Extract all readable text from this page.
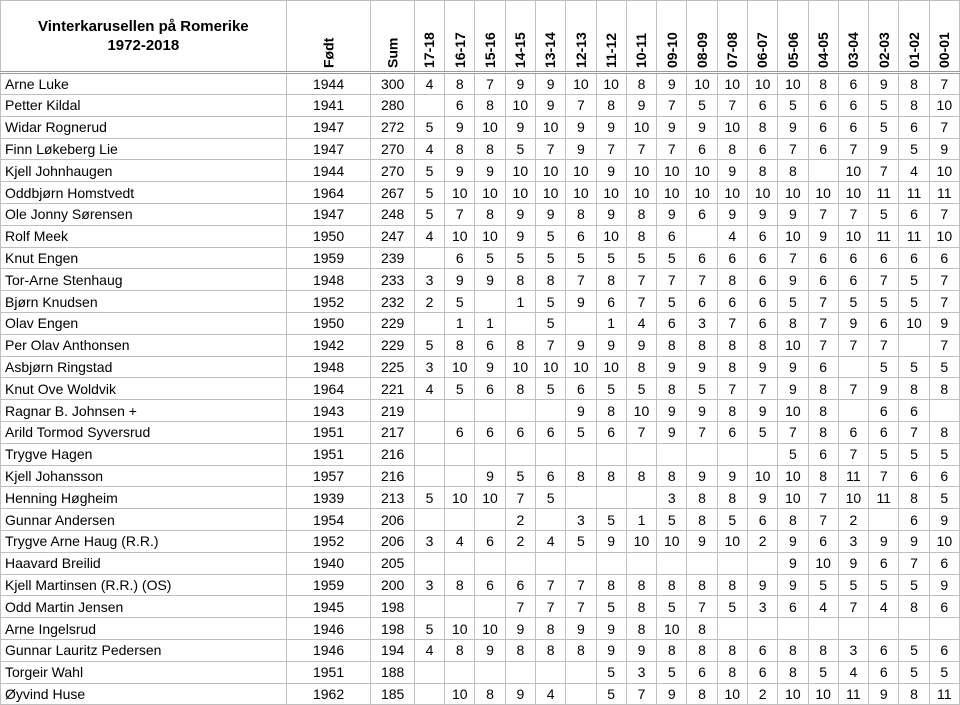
Vinterkarusellen på Romerike
1972-2018	Født	Sum	17-18	16-17	15-16	14-15	13-14	12-13	11-12	10-11	09-10	08-09	07-08	06-07	05-06	04-05	03-04	02-03	01-02	00-01
Arne Luke	1944	300	4	8	7	9	9	10	10	8	9	10	10	10	10	8	6	9	8	7
Petter Kildal	1941	280		6	8	10	9	7	8	9	7	5	7	6	5	6	6	5	8	10
Widar Rognerud	1947	272	5	9	10	9	10	9	9	10	9	9	10	8	9	6	6	5	6	7
Finn Løkeberg Lie	1947	270	4	8	8	5	7	9	7	7	7	6	8	6	7	6	7	9	5	9
Kjell Johnhaugen	1944	270	5	9	9	10	10	10	9	10	10	10	9	8	8		10	7	4	10
Oddbjørn Homstvedt	1964	267	5	10	10	10	10	10	10	10	10	10	10	10	10	10	10	11	11	11
Ole Jonny Sørensen	1947	248	5	7	8	9	9	8	9	8	9	6	9	9	9	7	7	5	6	7
Rolf Meek	1950	247	4	10	10	9	5	6	10	8	6		4	6	10	9	10	11	11	10
Knut Engen	1959	239		6	5	5	5	5	5	5	5	6	6	6	7	6	6	6	6	6
Tor-Arne Stenhaug	1948	233	3	9	9	8	8	7	8	7	7	7	8	6	9	6	6	7	5	7
Bjørn Knudsen	1952	232	2	5		1	5	9	6	7	5	6	6	6	5	7	5	5	5	7
Olav Engen	1950	229		1	1		5		1	4	6	3	7	6	8	7	9	6	10	9
Per Olav Anthonsen	1942	229	5	8	6	8	7	9	9	9	8	8	8	8	10	7	7	7		7
Asbjørn Ringstad	1948	225	3	10	9	10	10	10	10	8	9	9	8	9	9	6		5	5	5
Knut Ove Woldvik	1964	221	4	5	6	8	5	6	5	5	8	5	7	7	9	8	7	9	8	8
Ragnar B. Johnsen +	1943	219						9	8	10	9	9	8	9	10	8		6	6	
Arild Tormod Syversrud	1951	217		6	6	6	6	5	6	7	9	7	6	5	7	8	6	6	7	8
Trygve Hagen	1951	216													5	6	7	5	5	5
Kjell Johansson	1957	216			9	5	6	8	8	8	8	9	9	10	10	8	11	7	6	6
Henning Høgheim	1939	213	5	10	10	7	5				3	8	8	9	10	7	10	11	8	5
Gunnar Andersen	1954	206				2		3	5	1	5	8	5	6	8	7	2		6	9
Trygve Arne Haug (R.R.)	1952	206	3	4	6	2	4	5	9	10	10	9	10	2	9	6	3	9	9	10
Haavard Breilid	1940	205													9	10	9	6	7	6
Kjell Martinsen (R.R.) (OS)	1959	200	3	8	6	6	7	7	8	8	8	8	8	9	9	5	5	5	5	9
Odd Martin Jensen	1945	198				7	7	7	5	8	5	7	5	3	6	4	7	4	8	6
Arne Ingelsrud	1946	198	5	10	10	9	8	9	9	8	10	8								
Gunnar Lauritz Pedersen	1946	194	4	8	9	8	8	8	9	9	8	8	8	6	8	8	3	6	5	6
Torgeir Wahl	1951	188							5	3	5	6	8	6	8	5	4	6	5	5
Øyvind Huse	1962	185		10	8	9	4		5	7	9	8	10	2	10	10	11	9	8	11
